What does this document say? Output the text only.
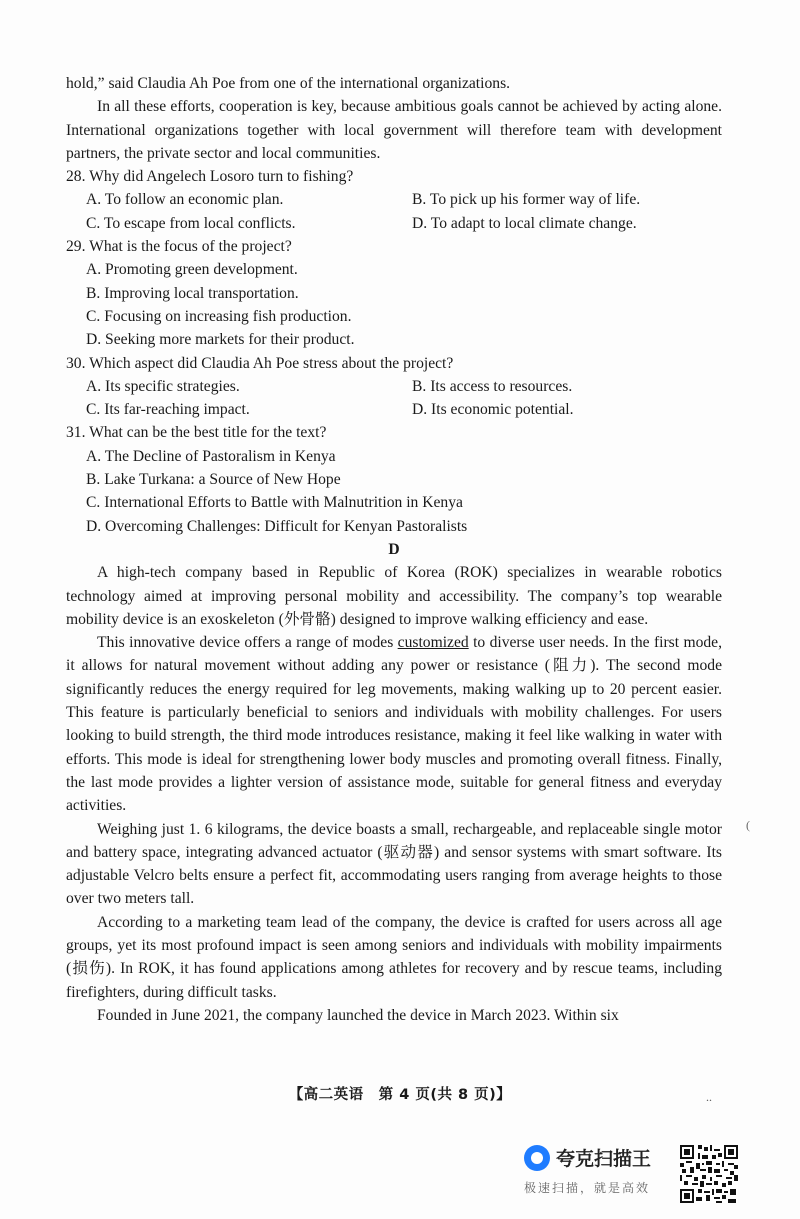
hold,” said Claudia Ah Poe from one of the international organizations.

In all these efforts, cooperation is key, because ambitious goals cannot be achieved by acting alone. International organizations together with local government will therefore team with development partners, the private sector and local communities.

28. Why did Angelech Losoro turn to fishing?

A. To follow an economic plan.	B. To pick up his former way of life.
C. To escape from local conflicts.	D. To adapt to local climate change.

29. What is the focus of the project?

A. Promoting green development.
B. Improving local transportation.
C. Focusing on increasing fish production.
D. Seeking more markets for their product.

30. Which aspect did Claudia Ah Poe stress about the project?

A. Its specific strategies.	B. Its access to resources.
C. Its far-reaching impact.	D. Its economic potential.

31. What can be the best title for the text?

A. The Decline of Pastoralism in Kenya
B. Lake Turkana: a Source of New Hope
C. International Efforts to Battle with Malnutrition in Kenya
D. Overcoming Challenges: Difficult for Kenyan Pastoralists

D

A high-tech company based in Republic of Korea (ROK) specializes in wearable robotics technology aimed at improving personal mobility and accessibility. The company’s top wearable mobility device is an exoskeleton (外骨骼) designed to improve walking efficiency and ease.

This innovative device offers a range of modes customized to diverse user needs. In the first mode, it allows for natural movement without adding any power or resistance (阻力). The second mode significantly reduces the energy required for leg movements, making walking up to 20 percent easier. This feature is particularly beneficial to seniors and individuals with mobility challenges. For users looking to build strength, the third mode introduces resistance, making it feel like walking in water with efforts. This mode is ideal for strengthening lower body muscles and promoting overall fitness. Finally, the last mode provides a lighter version of assistance mode, suitable for general fitness and everyday activities.

Weighing just 1. 6 kilograms, the device boasts a small, rechargeable, and replaceable single motor and battery space, integrating advanced actuator (驱动器) and sensor systems with smart software. Its adjustable Velcro belts ensure a perfect fit, accommodating users ranging from average heights to those over two meters tall.

According to a marketing team lead of the company, the device is crafted for users across all age groups, yet its most profound impact is seen among seniors and individuals with mobility impairments (损伤). In ROK, it has found applications among athletes for recovery and by rescue teams, including firefighters, during difficult tasks.

Founded in June 2021, the company launched the device in March 2023. Within six

(
【高二英语　第 4 页(共 8 页)】	..
夸克扫描王
极速扫描，就是高效
